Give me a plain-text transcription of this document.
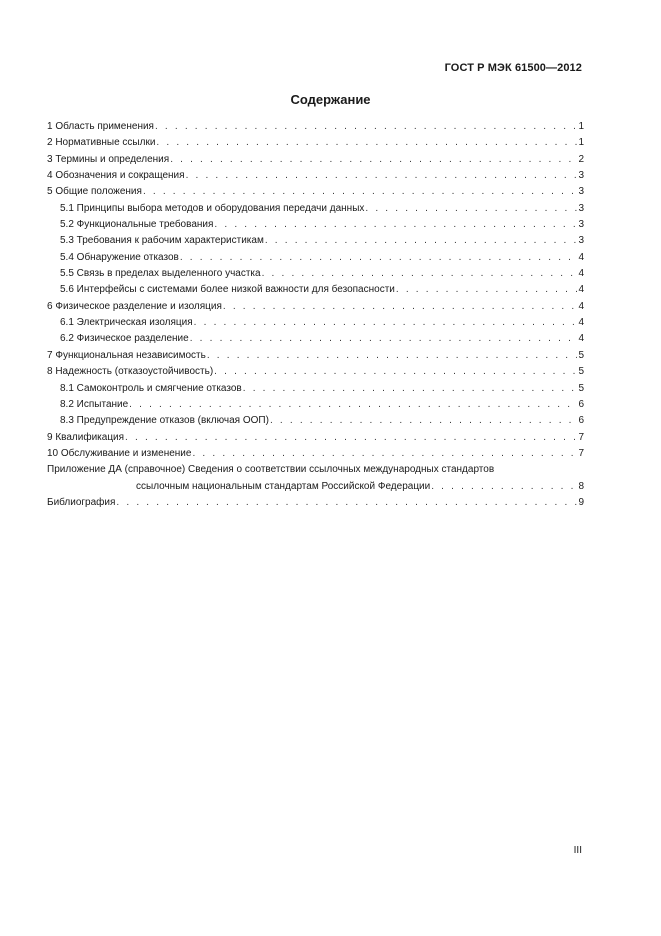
ГОСТ Р МЭК 61500—2012
Содержание
1 Область применения . . .	1
2 Нормативные ссылки . . .	1
3 Термины и определения . . .	2
4 Обозначения и сокращения . . .	3
5 Общие положения . . .	3
5.1 Принципы выбора методов и оборудования передачи данных . . .	3
5.2 Функциональные требования . . .	3
5.3 Требования к рабочим характеристикам . . .	3
5.4 Обнаружение отказов . . .	4
5.5 Связь в пределах выделенного участка . . .	4
5.6 Интерфейсы с системами более низкой важности для безопасности . . .	4
6 Физическое разделение и изоляция . . .	4
6.1 Электрическая изоляция . . .	4
6.2 Физическое разделение . . .	4
7 Функциональная независимость . . .	5
8 Надежность (отказоустойчивость) . . .	5
8.1 Самоконтроль и смягчение отказов . . .	5
8.2 Испытание . . .	6
8.3 Предупреждение отказов (включая ООП) . . .	6
9 Квалификация . . .	7
10 Обслуживание и изменение . . .	7
Приложение ДА (справочное) Сведения о соответствии ссылочных международных стандартов
ссылочным национальным стандартам Российской Федерации . . .	8
Библиография . . .	9
III
